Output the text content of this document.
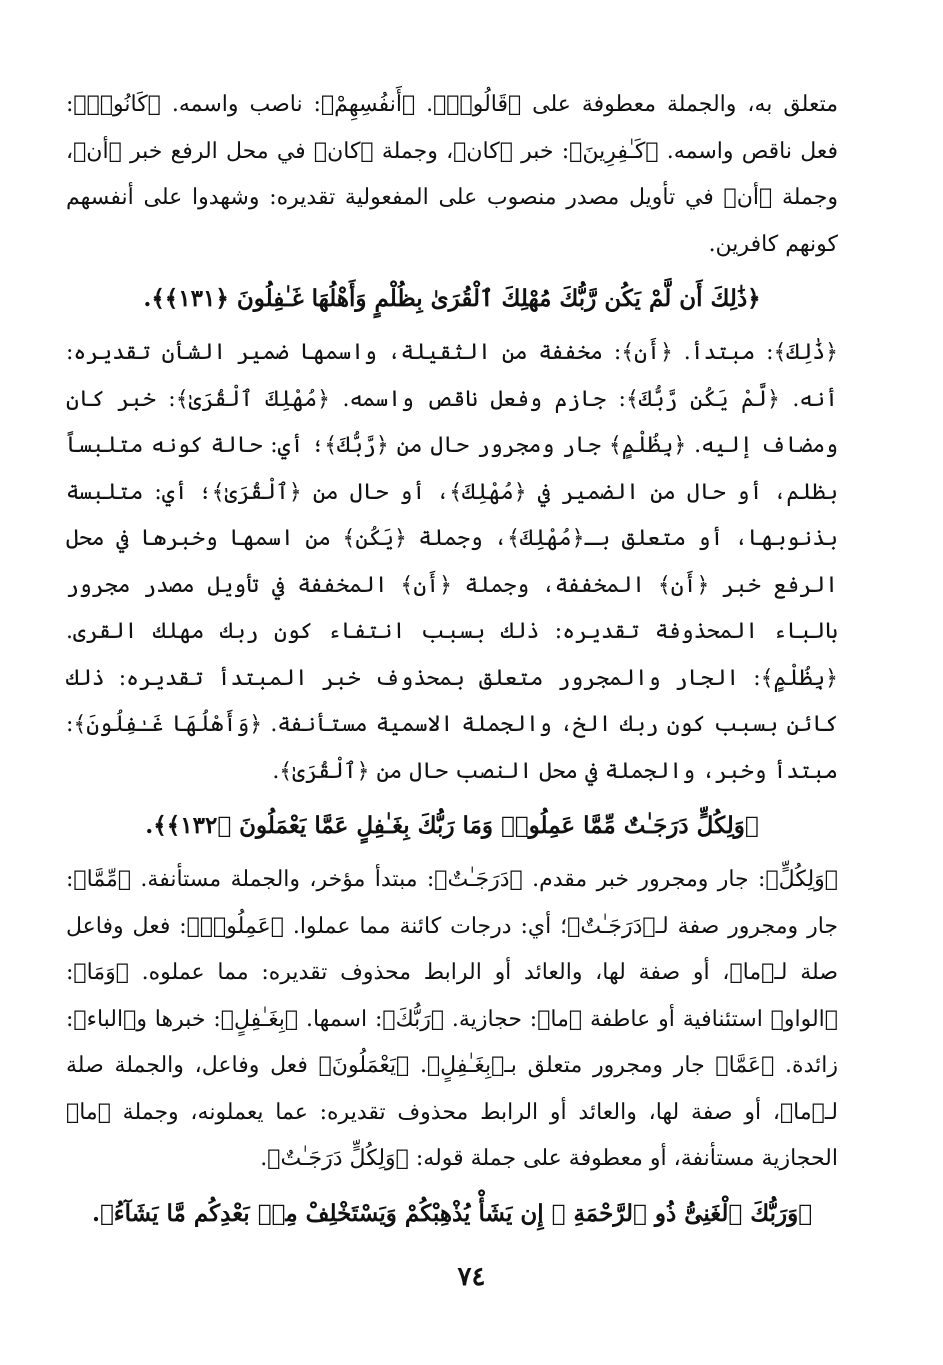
متعلق به، والجملة معطوفة على ﴿قَالُوا۟﴾. ﴿أَنفُسِهِمْ﴾: ناصب واسمه. ﴿كَانُوا۟﴾: فعل ناقص واسمه. ﴿كَـٰفِرِينَ﴾: خبر ﴿كان﴾، وجملة ﴿كان﴾ في محل الرفع خبر ﴿أن﴾، وجملة ﴿أن﴾ في تأويل مصدر منصوب على المفعولية تقديره: وشهدوا على أنفسهم كونهم كافرين.

﴿ذَٰلِكَ أَن لَّمْ يَكُن رَّبُّكَ مُهْلِكَ ٱلْقُرَىٰ بِظُلْمٍ وَأَهْلُهَا غَـٰفِلُونَ ﴿١٣١﴾﴾.

﴿ذَٰلِكَ﴾: مبتدأ. ﴿أَن﴾: مخففة من الثقيلة، واسمها ضمير الشأن تقديره: أنه. ﴿لَّمْ يَكُن رَّبُّكَ﴾: جازم وفعل ناقص واسمه. ﴿مُهْلِكَ ٱلْقُرَىٰ﴾: خبر كان ومضاف إليه. ﴿بِظُلْمٍ﴾ جار ومجرور حال من ﴿رَّبُّكَ﴾؛ أي: حالة كونه متلبساً بظلم، أو حال من الضمير في ﴿مُهْلِكَ﴾، أو حال من ﴿ٱلْقُرَىٰ﴾؛ أي: متلبسة بذنوبها، أو متعلق بـ﴿مُهْلِكَ﴾، وجملة ﴿يَكُن﴾ من اسمها وخبرها في محل الرفع خبر ﴿أَن﴾ المخففة، وجملة ﴿أَن﴾ المخففة في تأويل مصدر مجرور بالباء المحذوفة تقديره: ذلك بسبب انتفاء كون ربك مهلك القرى. ﴿بِظُلْمٍ﴾: الجار والمجرور متعلق بمحذوف خبر المبتدأ تقديره: ذلك كائن بسبب كون ربك الخ، والجملة الاسمية مستأنفة. ﴿وَأَهْلُهَا غَـٰفِلُونَ﴾: مبتدأ وخبر، والجملة في محل النصب حال من ﴿ٱلْقُرَىٰ﴾.

﴿وَلِكُلٍّ دَرَجَـٰتٌ مِّمَّا عَمِلُوا۟ وَمَا رَبُّكَ بِغَـٰفِلٍ عَمَّا يَعْمَلُونَ ﴿١٣٢﴾﴾.

﴿وَلِكُلٍّ﴾: جار ومجرور خبر مقدم. ﴿دَرَجَـٰتٌ﴾: مبتدأ مؤخر، والجملة مستأنفة. ﴿مِّمَّا﴾: جار ومجرور صفة لـ﴿دَرَجَـٰتٌ﴾؛ أي: درجات كائنة مما عملوا. ﴿عَمِلُوا۟﴾: فعل وفاعل صلة لـ﴿ما﴾، أو صفة لها، والعائد أو الرابط محذوف تقديره: مما عملوه. ﴿وَمَا﴾: ﴿الواو﴾ استئنافية أو عاطفة ﴿ما﴾: حجازية. ﴿رَبُّكَ﴾: اسمها. ﴿بِغَـٰفِلٍ﴾: خبرها و﴿الباء﴾: زائدة. ﴿عَمَّا﴾ جار ومجرور متعلق بـ﴿بِغَـٰفِلٍ﴾. ﴿يَعْمَلُونَ﴾ فعل وفاعل، والجملة صلة لـ﴿ما﴾، أو صفة لها، والعائد أو الرابط محذوف تقديره: عما يعملونه، وجملة ﴿ما﴾ الحجازية مستأنفة، أو معطوفة على جملة قوله: ﴿وَلِكُلٍّ دَرَجَـٰتٌ﴾.

﴿وَرَبُّكَ ٱلْغَنِىُّ ذُو ٱلرَّحْمَةِ ۚ إِن يَشَأْ يُذْهِبْكُمْ وَيَسْتَخْلِفْ مِنۢ بَعْدِكُم مَّا يَشَآءُ﴾.

٧٤
